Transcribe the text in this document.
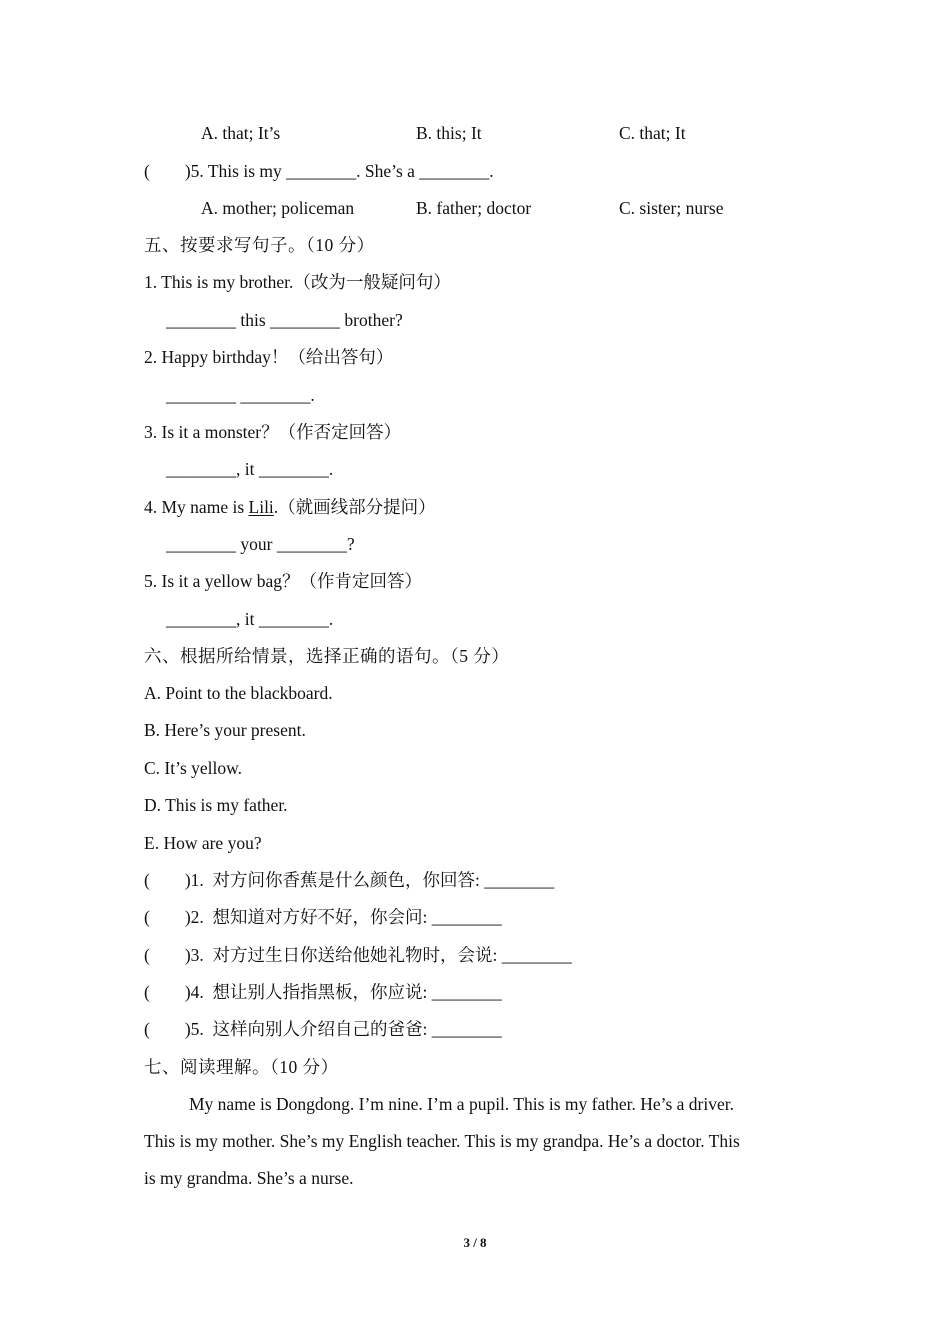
A. that; It’s	B. this; It	C. that; It
(        )5. This is my ________. She’s a ________.
A. mother; policeman	B. father; doctor	C. sister; nurse
五、按要求写句子。（10 分）
1. This is my brother.（改为一般疑问句）
________ this ________ brother?
2. Happy birthday！（给出答句）
________ ________.
3. Is it a monster？（作否定回答）
________, it ________.
4. My name is Lili.（就画线部分提问）
________ your ________?
5. Is it a yellow bag？（作肯定回答）
________, it ________.
六、根据所给情景，选择正确的语句。（5 分）
A. Point to the blackboard.
B. Here’s your present.
C. It’s yellow.
D. This is my father.
E. How are you?
(        )1.  对方问你香蕉是什么颜色，你回答: ________
(        )2.  想知道对方好不好，你会问: ________
(        )3.  对方过生日你送给他她礼物时，会说: ________
(        )4.  想让别人指指黑板，你应说: ________
(        )5.  这样向别人介绍自己的爸爸: ________
七、阅读理解。（10 分）
My name is Dongdong. I’m nine. I’m a pupil. This is my father. He’s a driver.
This is my mother. She’s my English teacher. This is my grandpa. He’s a doctor. This
is my grandma. She’s a nurse.
3 / 8
